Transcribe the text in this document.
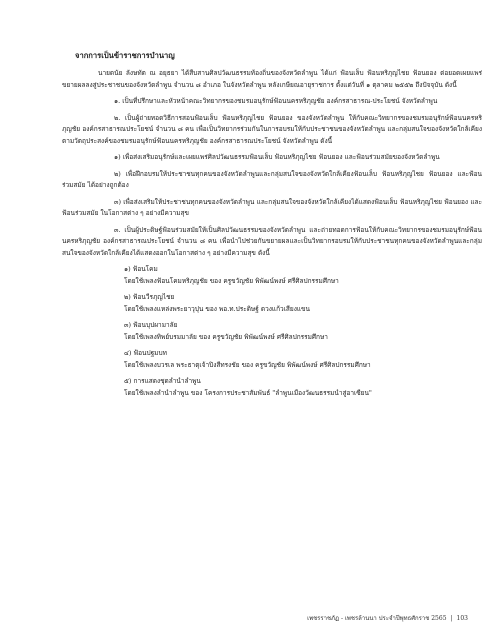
จากการเป็นข้าราชการบำนาญ
นายดนัย ลังษทัต ณ อยุธยา ได้สืบสานศิลปวัฒนธรรมท้องถิ่นของจังหวัดลำพูน ได้แก่ ฟ้อนเล็บ ฟ้อนหริภุญไชย ฟ้อนยอง ต่อยอดเผยแพร่ขยายผลลงสู่ประชาชนของจังหวัดลำพูน จำนวน ๘ อำเภอ ในจังหวัดลำพูน หลังเกษียณอายุราชการ ตั้งแต่วันที่ ๑ ตุลาคม ๒๕๕๒ ถึงปัจจุบัน ดังนี้
๑. เป็นที่ปรึกษาและหัวหน้าคณะวิทยากรของชมรมอนุรักษ์ฟ้อนนครหริภุญชัย องค์กรสาธารณ-ประโยชน์ จังหวัดลำพูน
๒. เป็นผู้ถ่ายทอดวิธีการสอนฟ้อนเล็บ ฟ้อนหริภุญไชย ฟ้อนยอง ของจังหวัดลำพูน ให้กับคณะวิทยากรของชมรมอนุรักษ์ฟ้อนนครหริภุญชัย องค์กรสาธารณประโยชน์ จำนวน ๘ คน เพื่อเป็นวิทยากรร่วมกันในการอบรมให้กับประชาชนของจังหวัดลำพูน และกลุ่มสนใจของจังหวัดใกล้เคียง ตามวัตถุประสงค์ของชมรมอนุรักษ์ฟ้อนนครหริภุญชัย องค์กรสาธารณประโยชน์ จังหวัดลำพูน ดังนี้
๑) เพื่อส่งเสริมอนุรักษ์และเผยแพร่ศิลปวัฒนธรรมฟ้อนเล็บ ฟ้อนหริภุญไชย ฟ้อนยอง และฟ้อนร่วมสมัยของจังหวัดลำพูน
๒) เพื่อฝึกอบรมให้ประชาชนทุกคนของจังหวัดลำพูนและกลุ่มสนใจของจังหวัดใกล้เคียงฟ้อนเล็บ ฟ้อนหริภุญไชย ฟ้อนยอง และฟ้อนร่วมสมัย ได้อย่างถูกต้อง
๓) เพื่อส่งเสริมให้ประชาชนทุกคนของจังหวัดลำพูน และกลุ่มสนใจของจังหวัดใกล้เคียงได้แสดงฟ้อนเล็บ ฟ้อนหริภุญไชย ฟ้อนยอง และฟ้อนร่วมสมัย ในโอกาสต่าง ๆ อย่างมีความสุข
๓. เป็นผู้ประดิษฐ์ฟ้อนร่วมสมัยให้เป็นศิลปวัฒนธรรมของจังหวัดลำพูน และถ่ายทอดการฟ้อนให้กับคณะวิทยากรของชมรมอนุรักษ์ฟ้อนนครหริภุญชัย องค์กรสาธารณประโยชน์ จำนวน ๘ คน เพื่อนำไปช่วยกันขยายผลและเป็นวิทยากรอบรมให้กับประชาชนทุกคนของจังหวัดลำพูนและกลุ่มสนใจของจังหวัดใกล้เคียงได้แสดงออกในโอกาสต่าง ๆ อย่างมีความสุข ดังนี้
๑) ฟ้อนโคม
โดยใช้เพลงฟ้อนโคมหริภุญชัย ของ ครูขวัญชัย พิพัฒน์พงษ์ ศรีศิลปกรรมศึกษา
๒) ฟ้อนวีรภุญไชย
โดยใช้เพลงแหล่งพระยาวุปุน ของ พอ.ท.ประดิษฐ์ ดวงแก้วเสียงแขน
๓) ฟ้อนบุปผามาลัย
โดยใช้เพลงทิพย์บรมมาลัย ของ ครูขวัญชัย พิพัฒน์พงษ์ ศรีศิลปกรรมศึกษา
๔) ฟ้อนปฐมบท
โดยใช้เพลงบวรเล พระธาตุเจ้าปิงสีทรงชัย ของ ครูขวัญชัย พิพัฒน์พงษ์ ศรีศิลปกรรมศึกษา
๕) การแสดงชุดลำนำลำพูน
โดยใช้เพลงลำนำลำพูน ของ โครงการประชาสัมพันธ์ "ลำพูนเมืองวัฒนธรรมนำสู่อาเซียน"
เพชรราชภัฏ - เพชรล้านนา ประจำปีพุทธศักราช 2565 | 103
